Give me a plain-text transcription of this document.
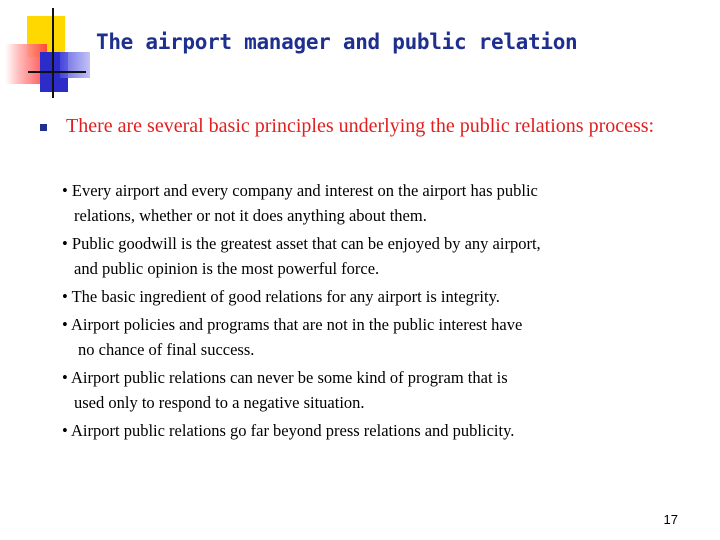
The airport manager and public relation
There are several basic principles underlying the public relations process:
• Every airport and every company and interest on the airport has public
relations, whether or not it does anything about them.
• Public goodwill is the greatest asset that can be enjoyed by any airport,
and public opinion is the most powerful force.
• The basic ingredient of good relations for any airport is integrity.
• Airport policies and programs that are not in the public interest have
no chance of final success.
• Airport public relations can never be some kind of program that is
used only to respond to a negative situation.
• Airport public relations go far beyond press relations and publicity.
17
